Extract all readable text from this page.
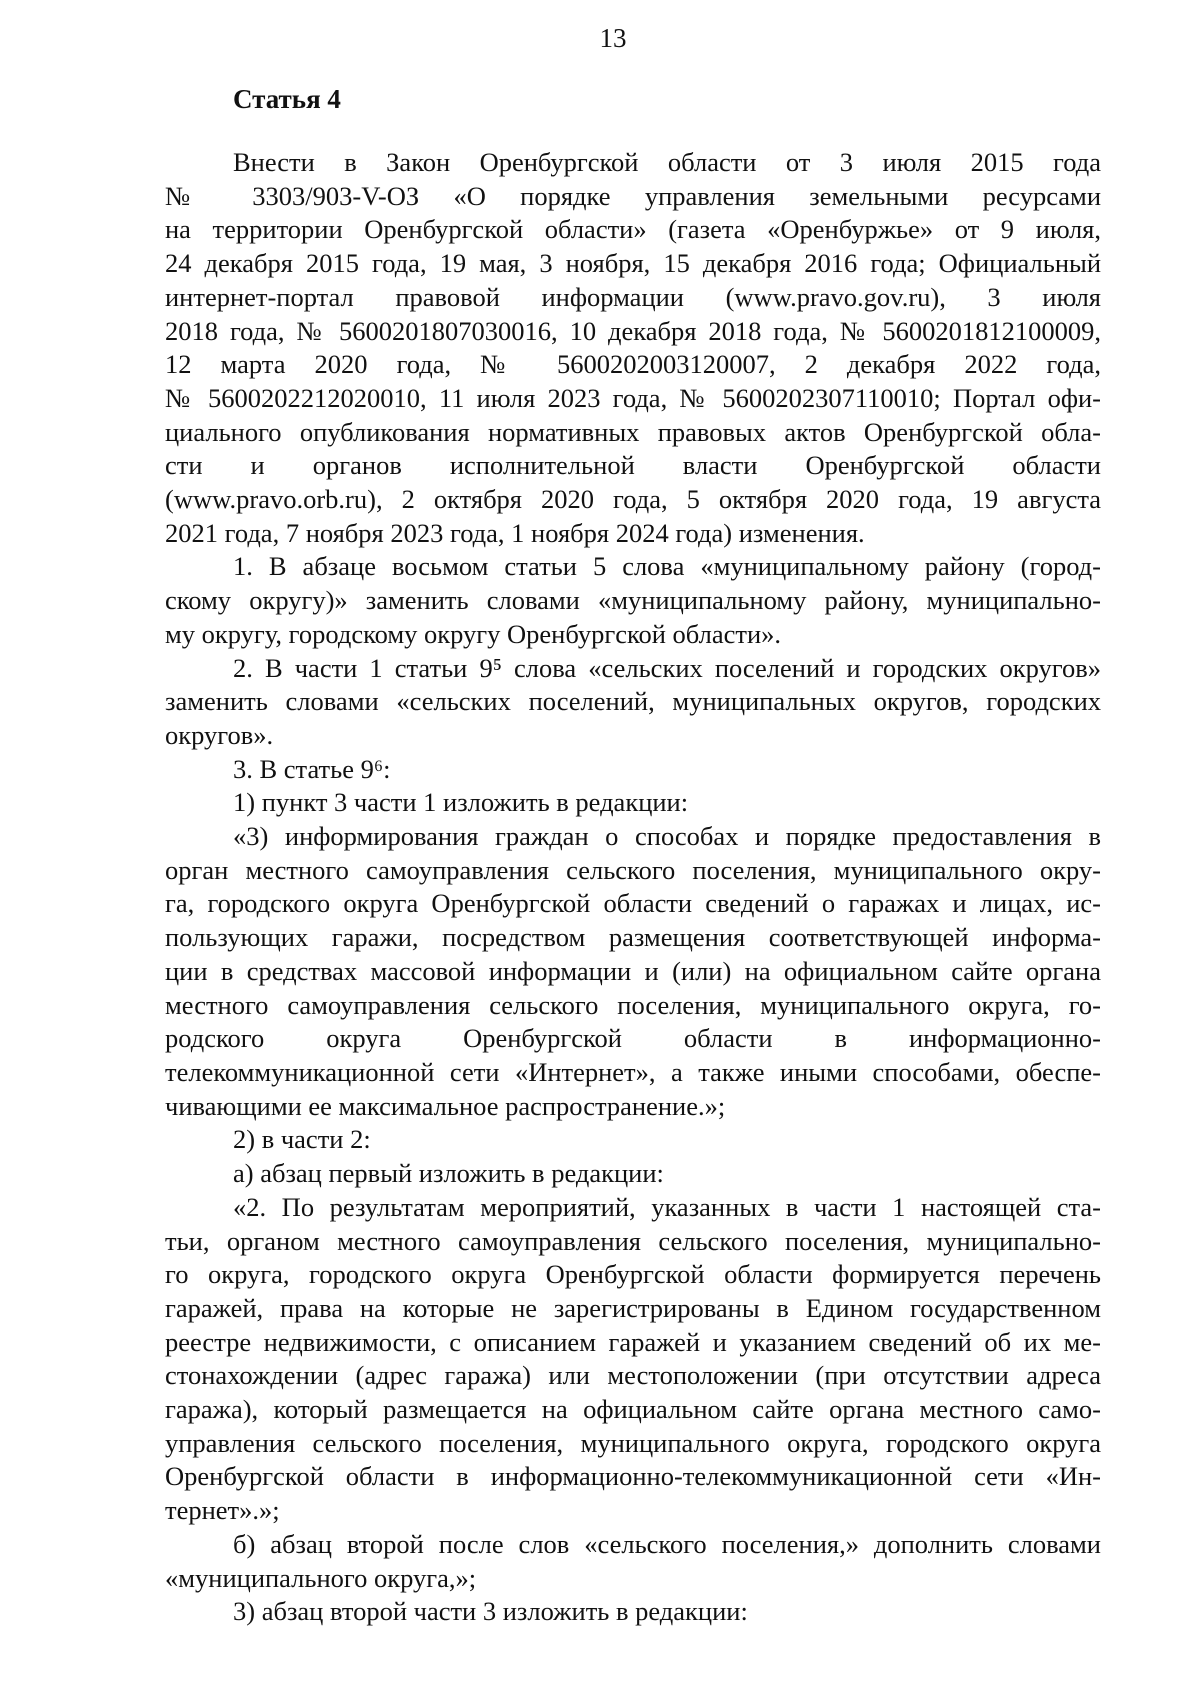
13
Статья 4
Внести в Закон Оренбургской области от 3 июля 2015 года
№ 3303/903-V-ОЗ «О порядке управления земельными ресурсами
на территории Оренбургской области» (газета «Оренбуржье» от 9 июля,
24 декабря 2015 года, 19 мая, 3 ноября, 15 декабря 2016 года; Официальный
интернет-портал правовой информации (www.pravo.gov.ru), 3 июля
2018 года, № 5600201807030016, 10 декабря 2018 года, № 5600201812100009,
12 марта 2020 года, № 5600202003120007, 2 декабря 2022 года,
№ 5600202212020010, 11 июля 2023 года, № 5600202307110010; Портал офи-
циального опубликования нормативных правовых актов Оренбургской обла-
сти и органов исполнительной власти Оренбургской области
(www.pravo.orb.ru), 2 октября 2020 года, 5 октября 2020 года, 19 августа
2021 года, 7 ноября 2023 года, 1 ноября 2024 года) изменения.
1. В абзаце восьмом статьи 5 слова «муниципальному району (город-
скому округу)» заменить словами «муниципальному району, муниципально-
му округу, городскому округу Оренбургской области».
2. В части 1 статьи 9⁵ слова «сельских поселений и городских округов»
заменить словами «сельских поселений, муниципальных округов, городских
округов».
3. В статье 9⁶:
1) пункт 3 части 1 изложить в редакции:
«3) информирования граждан о способах и порядке предоставления в
орган местного самоуправления сельского поселения, муниципального окру-
га, городского округа Оренбургской области сведений о гаражах и лицах, ис-
пользующих гаражи, посредством размещения соответствующей информа-
ции в средствах массовой информации и (или) на официальном сайте органа
местного самоуправления сельского поселения, муниципального округа, го-
родского округа Оренбургской области в информационно-
телекоммуникационной сети «Интернет», а также иными способами, обеспе-
чивающими ее максимальное распространение.»;
2) в части 2:
а) абзац первый изложить в редакции:
«2. По результатам мероприятий, указанных в части 1 настоящей ста-
тьи, органом местного самоуправления сельского поселения, муниципально-
го округа, городского округа Оренбургской области формируется перечень
гаражей, права на которые не зарегистрированы в Едином государственном
реестре недвижимости, с описанием гаражей и указанием сведений об их ме-
стонахождении (адрес гаража) или местоположении (при отсутствии адреса
гаража), который размещается на официальном сайте органа местного само-
управления сельского поселения, муниципального округа, городского округа
Оренбургской области в информационно-телекоммуникационной сети «Ин-
тернет».»;
б) абзац второй после слов «сельского поселения,» дополнить словами
«муниципального округа,»;
3) абзац второй части 3 изложить в редакции:
